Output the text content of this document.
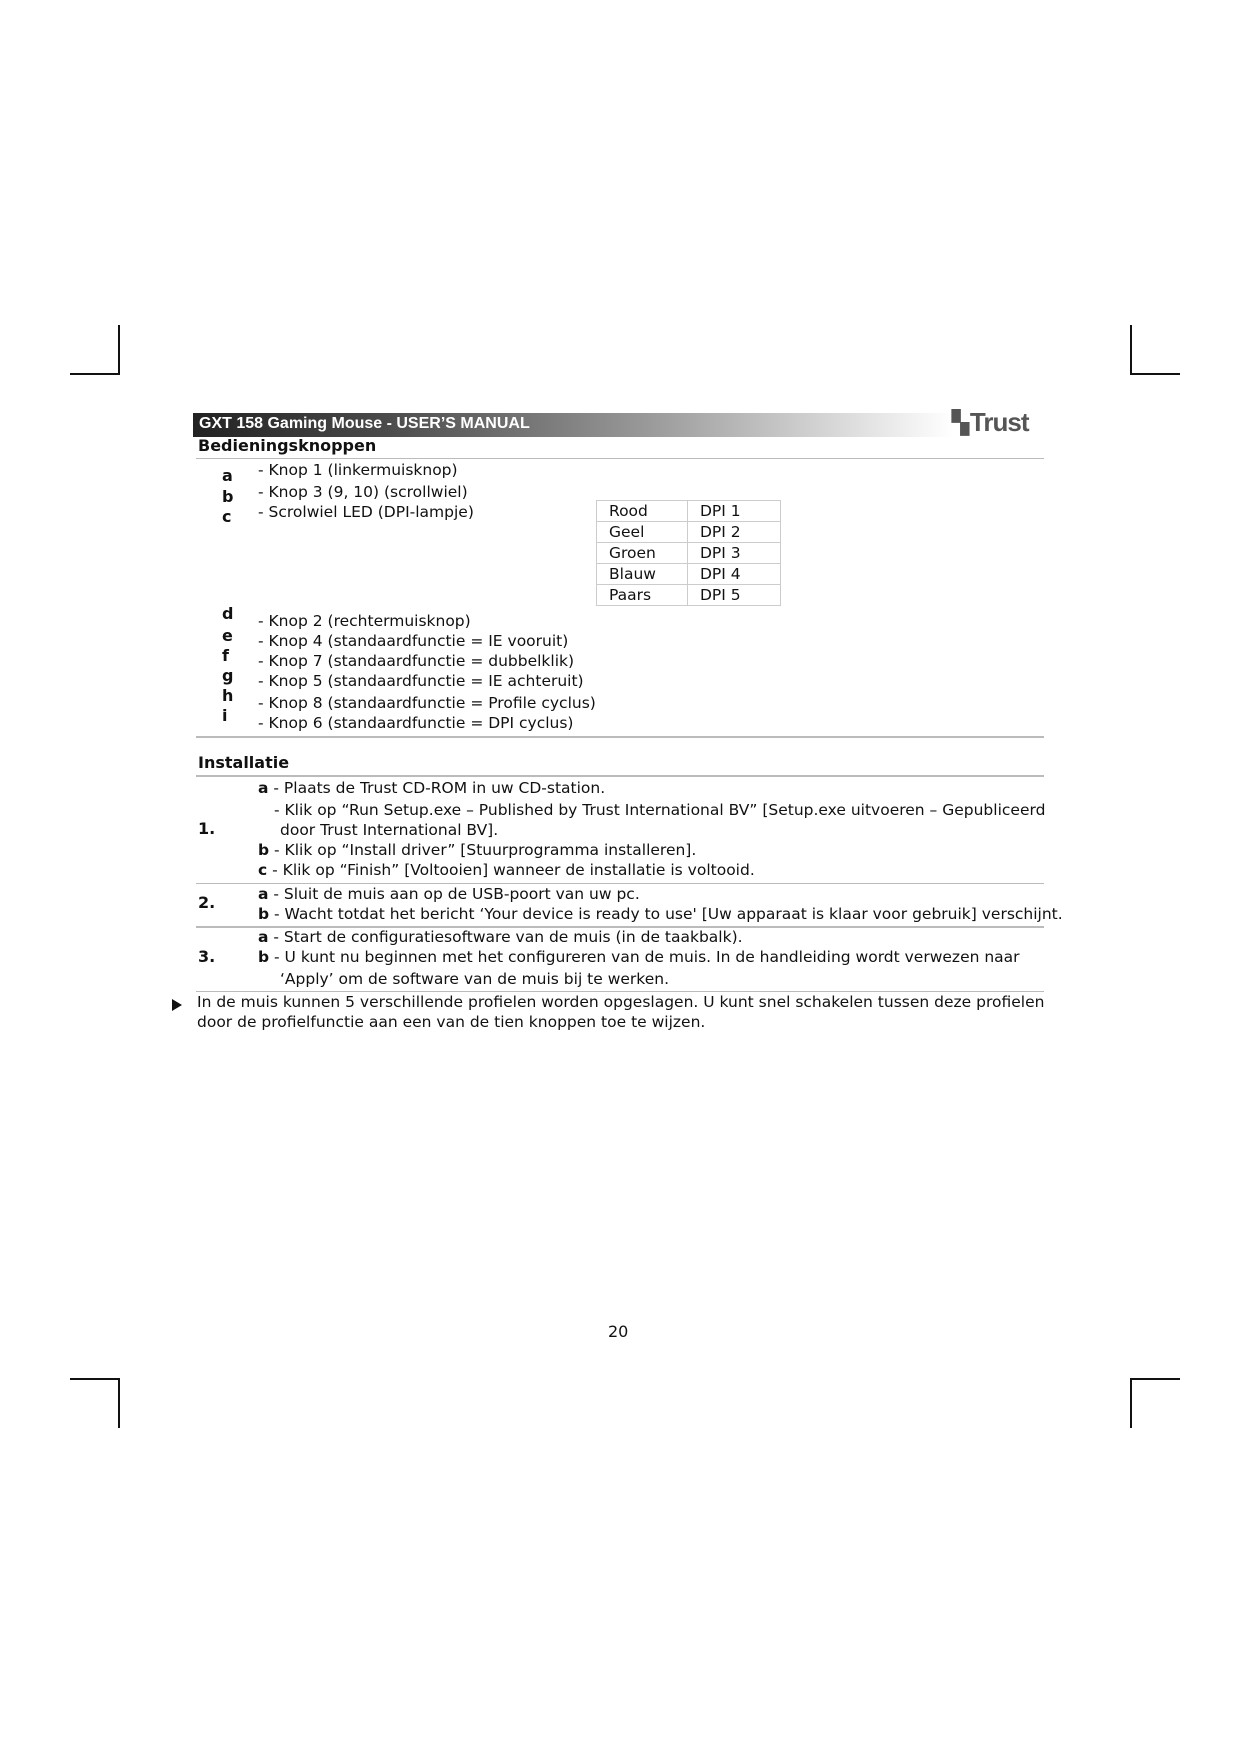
GXT 158 Gaming Mouse - USER’S MANUAL	▚Trust
Bedieningsknoppen
a - Knop 1 (linkermuisknop)
b - Knop 3 (9, 10) (scrollwiel)
c - Scrolwiel LED (DPI-lampje)	Rood	DPI 1
Geel	DPI 2
Groen	DPI 3
Blauw	DPI 4
Paars	DPI 5
d - Knop 2 (rechtermuisknop)
e - Knop 4 (standaardfunctie = IE vooruit)
f - Knop 7 (standaardfunctie = dubbelklik)
g - Knop 5 (standaardfunctie = IE achteruit)
h - Knop 8 (standaardfunctie = Profile cyclus)
i - Knop 6 (standaardfunctie = DPI cyclus)
Installatie
1.
a - Plaats de Trust CD-ROM in uw CD-station.
- Klik op “Run Setup.exe – Published by Trust International BV” [Setup.exe uitvoeren – Gepubliceerd
door Trust International BV].
b - Klik op “Install driver” [Stuurprogramma installeren].
c - Klik op “Finish” [Voltooien] wanneer de installatie is voltooid.
2.	a - Sluit de muis aan op de USB-poort van uw pc.
b - Wacht totdat het bericht ‘Your device is ready to use' [Uw apparaat is klaar voor gebruik] verschijnt.
3.
a - Start de configuratiesoftware van de muis (in de taakbalk).
b - U kunt nu beginnen met het configureren van de muis. In de handleiding wordt verwezen naar
‘Apply’ om de software van de muis bij te werken.
In de muis kunnen 5 verschillende profielen worden opgeslagen. U kunt snel schakelen tussen deze profielen
door de profielfunctie aan een van de tien knoppen toe te wijzen.
20
